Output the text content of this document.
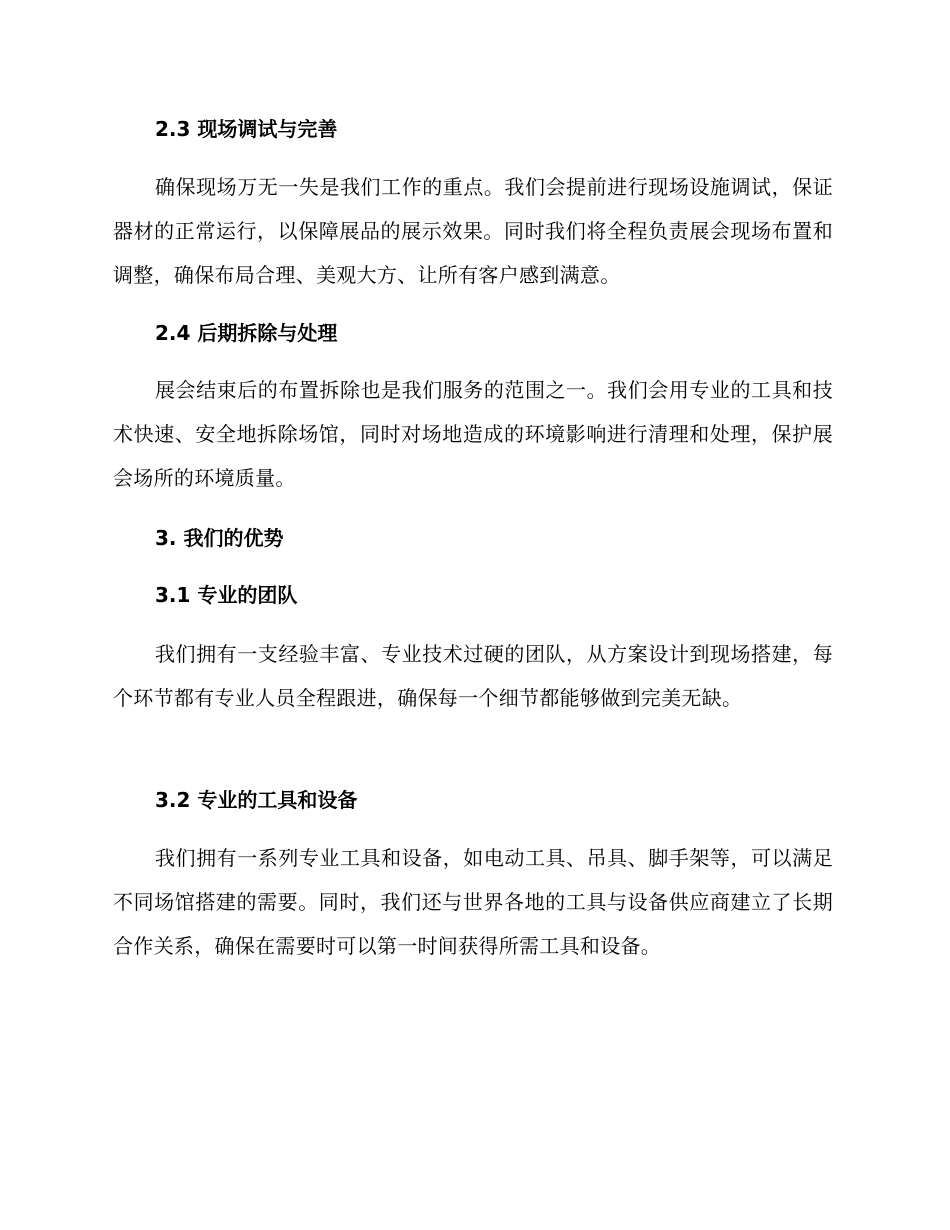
2.3 现场调试与完善
确保现场万无一失是我们工作的重点。我们会提前进行现场设施调试，保证器材的正常运行，以保障展品的展示效果。同时我们将全程负责展会现场布置和调整，确保布局合理、美观大方、让所有客户感到满意。
2.4 后期拆除与处理
展会结束后的布置拆除也是我们服务的范围之一。我们会用专业的工具和技术快速、安全地拆除场馆，同时对场地造成的环境影响进行清理和处理，保护展会场所的环境质量。
3. 我们的优势
3.1 专业的团队
我们拥有一支经验丰富、专业技术过硬的团队，从方案设计到现场搭建，每个环节都有专业人员全程跟进，确保每一个细节都能够做到完美无缺。
3.2 专业的工具和设备
我们拥有一系列专业工具和设备，如电动工具、吊具、脚手架等，可以满足不同场馆搭建的需要。同时，我们还与世界各地的工具与设备供应商建立了长期合作关系，确保在需要时可以第一时间获得所需工具和设备。
